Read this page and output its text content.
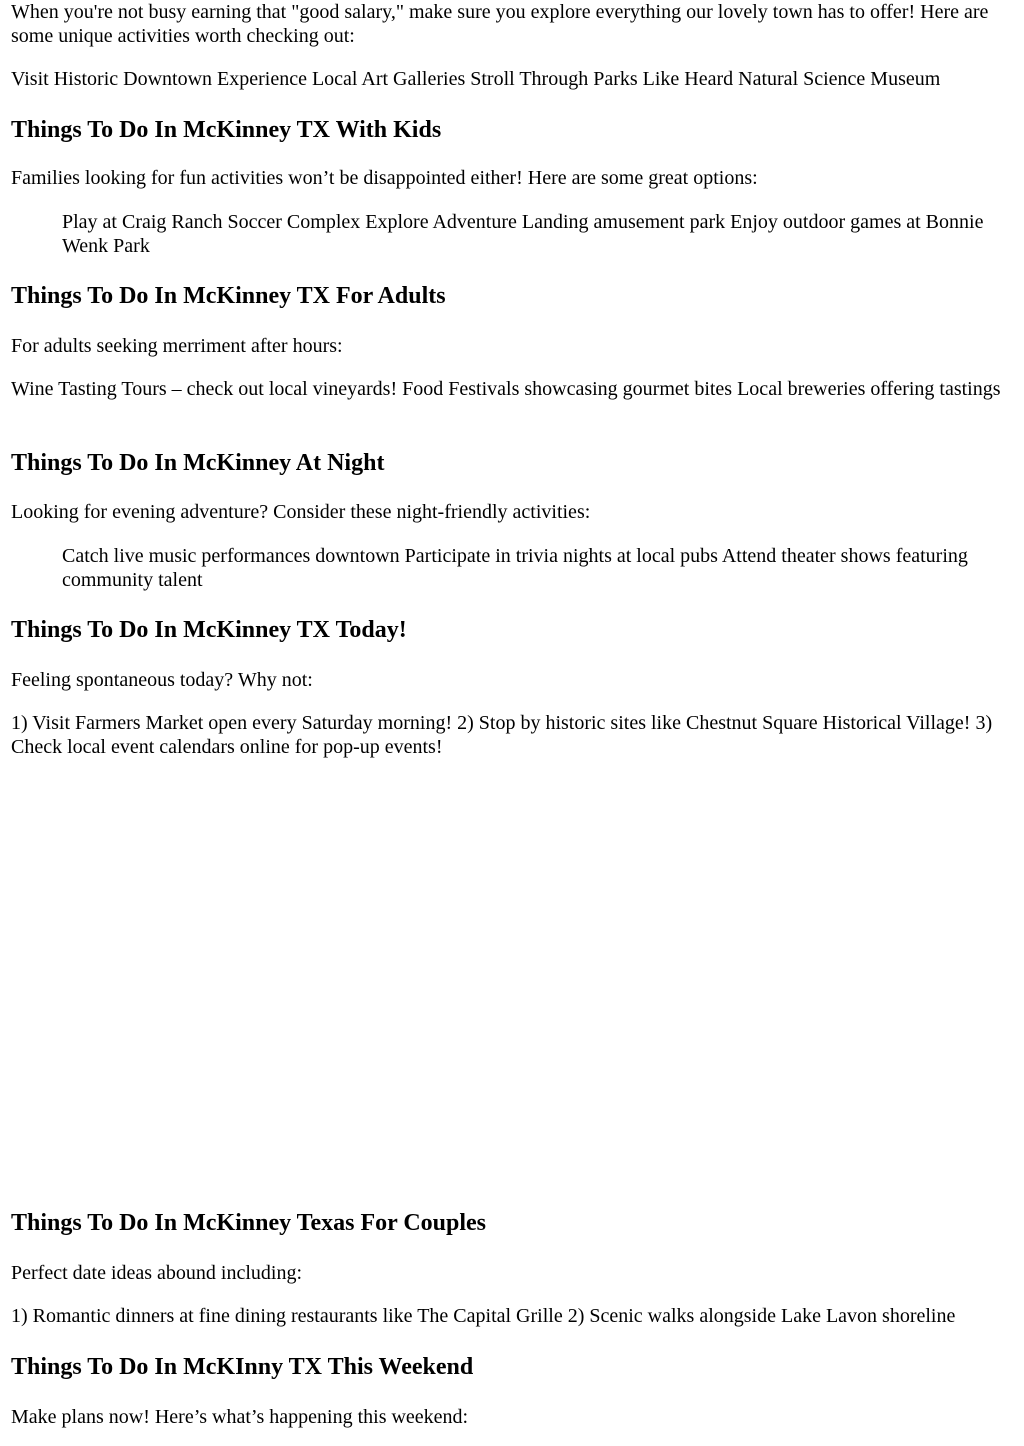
When you're not busy earning that "good salary," make sure you explore everything our lovely town has to offer! Here are some unique activities worth checking out:

Visit Historic Downtown Experience Local Art Galleries Stroll Through Parks Like Heard Natural Science Museum

Things To Do In McKinney TX With Kids

Families looking for fun activities won’t be disappointed either! Here are some great options:

Play at Craig Ranch Soccer Complex Explore Adventure Landing amusement park Enjoy outdoor games at Bonnie Wenk Park

Things To Do In McKinney TX For Adults

For adults seeking merriment after hours:

Wine Tasting Tours – check out local vineyards! Food Festivals showcasing gourmet bites Local breweries offering tastings

Things To Do In McKinney At Night

Looking for evening adventure? Consider these night-friendly activities:

Catch live music performances downtown Participate in trivia nights at local pubs Attend theater shows featuring community talent

Things To Do In McKinney TX Today!

Feeling spontaneous today? Why not:

1) Visit Farmers Market open every Saturday morning! 2) Stop by historic sites like Chestnut Square Historical Village! 3) Check local event calendars online for pop-up events!

Things To Do In McKinney Texas For Couples

Perfect date ideas abound including:

1) Romantic dinners at fine dining restaurants like The Capital Grille 2) Scenic walks alongside Lake Lavon shoreline

Things To Do In McKInny TX This Weekend

Make plans now! Here’s what’s happening this weekend:
